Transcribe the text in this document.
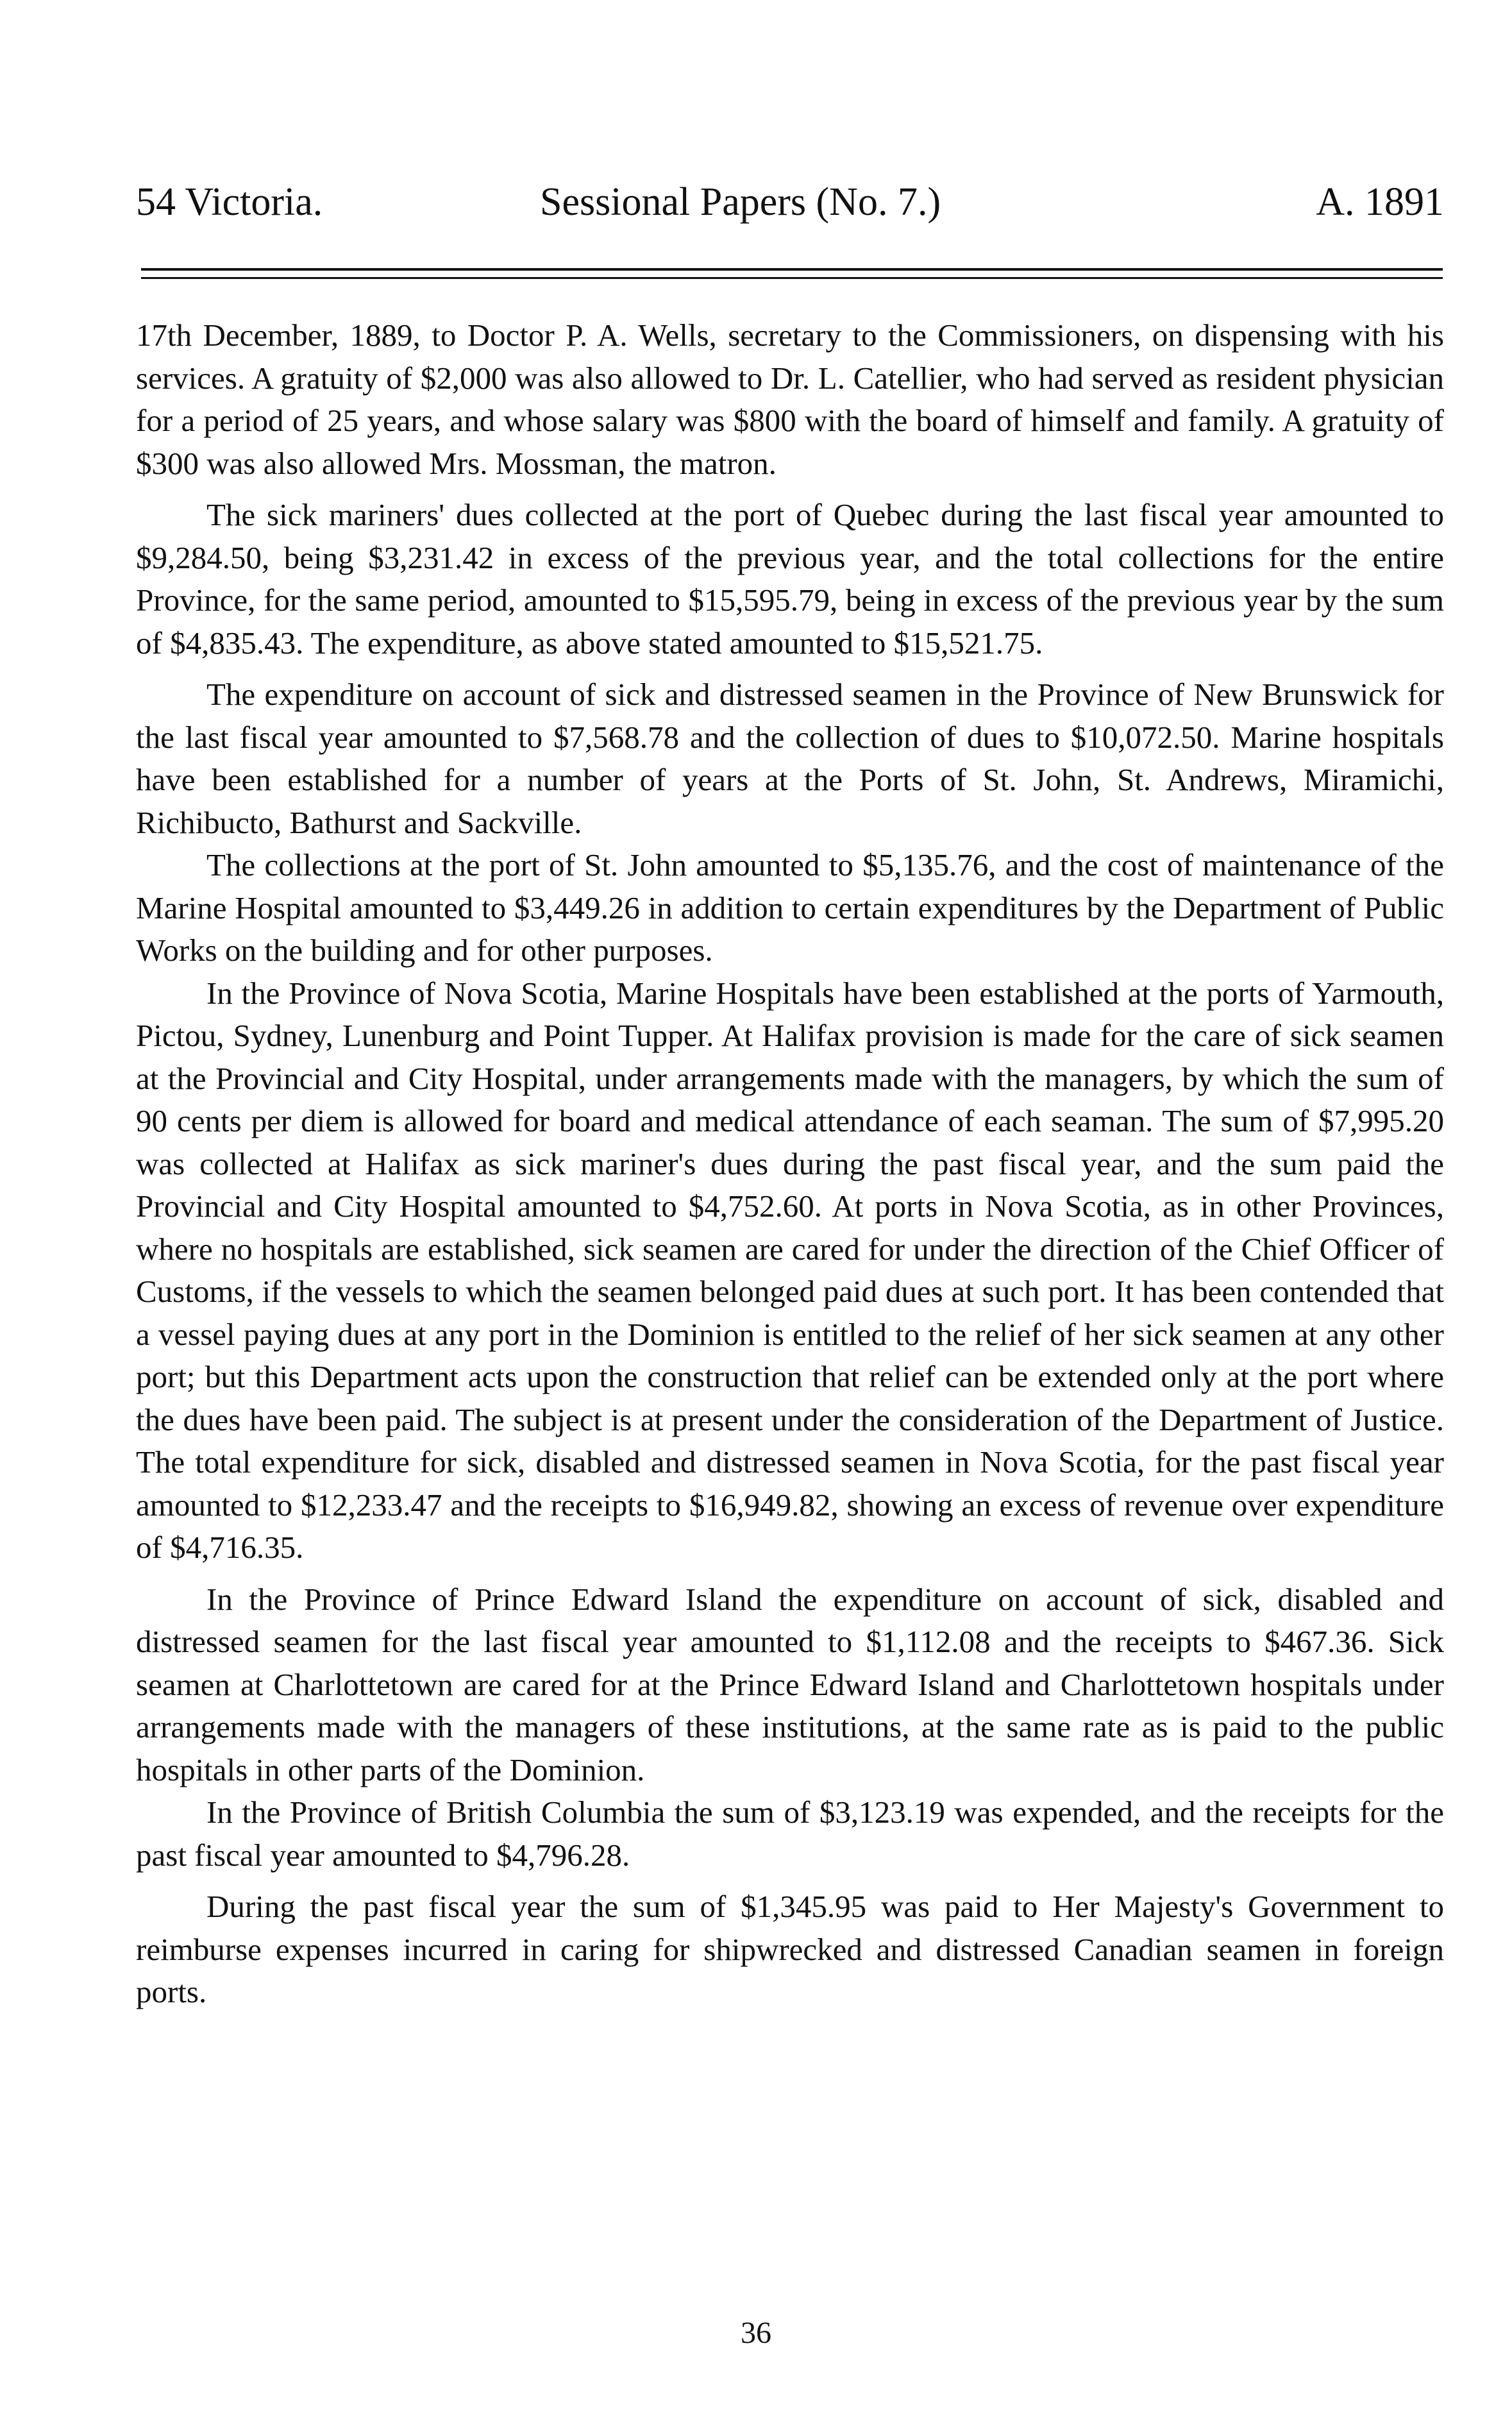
54 Victoria.	Sessional Papers (No. 7.)	A. 1891

17th December, 1889, to Doctor P. A. Wells, secretary to the Commissioners, on dispensing with his services. A gratuity of $2,000 was also allowed to Dr. L. Catellier, who had served as resident physician for a period of 25 years, and whose salary was $800 with the board of himself and family. A gratuity of $300 was also allowed Mrs. Mossman, the matron.

The sick mariners' dues collected at the port of Quebec during the last fiscal year amounted to $9,284.50, being $3,231.42 in excess of the previous year, and the total collections for the entire Province, for the same period, amounted to $15,595.79, being in excess of the previous year by the sum of $4,835.43. The expenditure, as above stated amounted to $15,521.75.

The expenditure on account of sick and distressed seamen in the Province of New Brunswick for the last fiscal year amounted to $7,568.78 and the collection of dues to $10,072.50. Marine hospitals have been established for a number of years at the Ports of St. John, St. Andrews, Miramichi, Richibucto, Bathurst and Sackville.

The collections at the port of St. John amounted to $5,135.76, and the cost of maintenance of the Marine Hospital amounted to $3,449.26 in addition to certain expenditures by the Department of Public Works on the building and for other purposes.

In the Province of Nova Scotia, Marine Hospitals have been established at the ports of Yarmouth, Pictou, Sydney, Lunenburg and Point Tupper. At Halifax provision is made for the care of sick seamen at the Provincial and City Hospital, under arrangements made with the managers, by which the sum of 90 cents per diem is allowed for board and medical attendance of each seaman. The sum of $7,995.20 was collected at Halifax as sick mariner's dues during the past fiscal year, and the sum paid the Provincial and City Hospital amounted to $4,752.60. At ports in Nova Scotia, as in other Provinces, where no hospitals are established, sick seamen are cared for under the direction of the Chief Officer of Customs, if the vessels to which the seamen belonged paid dues at such port. It has been contended that a vessel paying dues at any port in the Dominion is entitled to the relief of her sick seamen at any other port; but this Department acts upon the construction that relief can be extended only at the port where the dues have been paid. The subject is at present under the consideration of the Department of Justice. The total expenditure for sick, disabled and distressed seamen in Nova Scotia, for the past fiscal year amounted to $12,233.47 and the receipts to $16,949.82, showing an excess of revenue over expenditure of $4,716.35.

In the Province of Prince Edward Island the expenditure on account of sick, disabled and distressed seamen for the last fiscal year amounted to $1,112.08 and the receipts to $467.36. Sick seamen at Charlottetown are cared for at the Prince Edward Island and Charlottetown hospitals under arrangements made with the managers of these institutions, at the same rate as is paid to the public hospitals in other parts of the Dominion.

In the Province of British Columbia the sum of $3,123.19 was expended, and the receipts for the past fiscal year amounted to $4,796.28.

During the past fiscal year the sum of $1,345.95 was paid to Her Majesty's Government to reimburse expenses incurred in caring for shipwrecked and distressed Canadian seamen in foreign ports.

36
